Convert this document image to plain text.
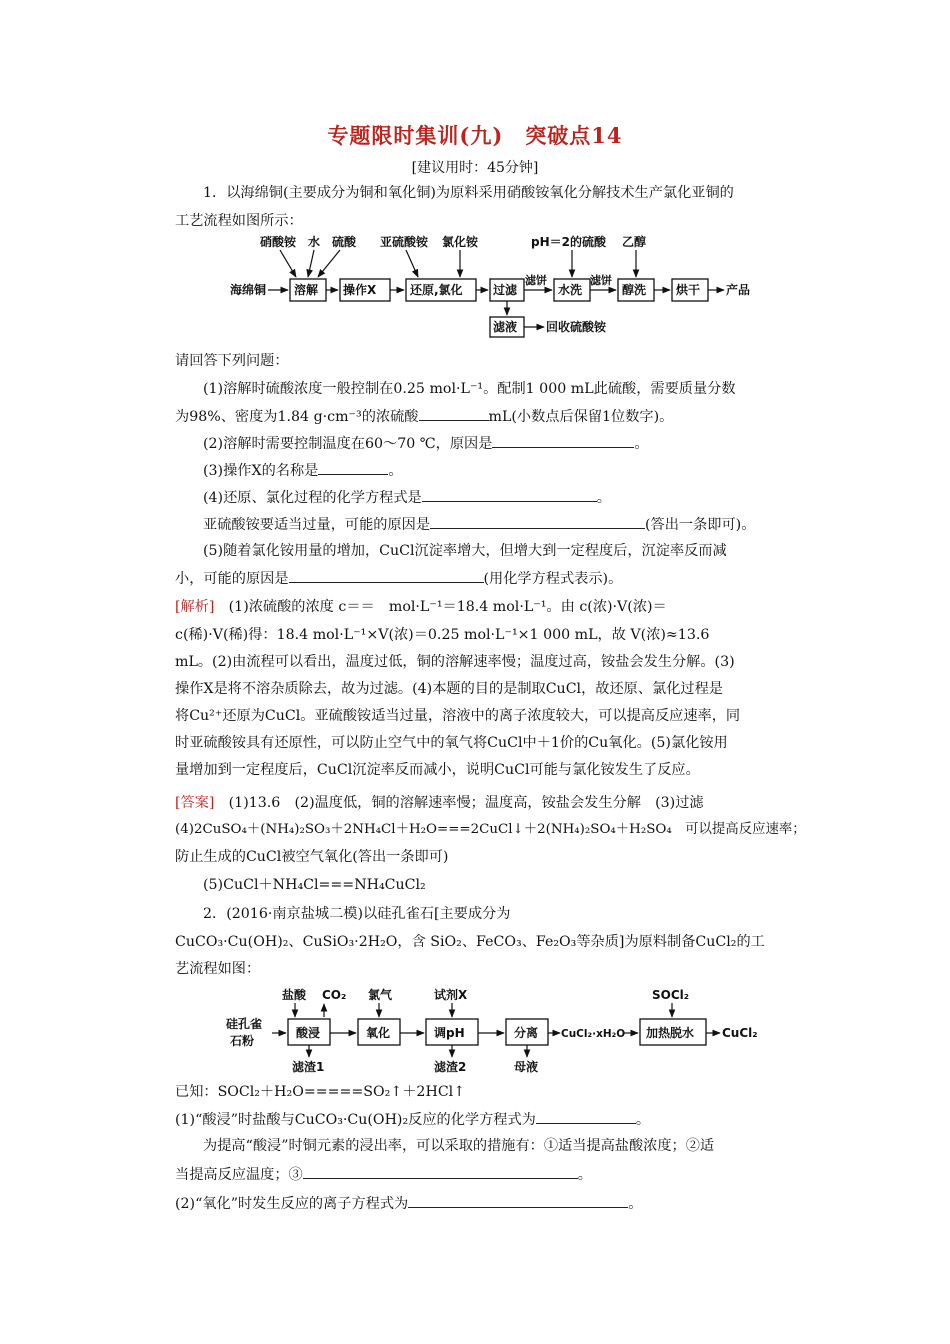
专题限时集训(九)　突破点14
[建议用时：45分钟]
1．以海绵铜(主要成分为铜和氧化铜)为原料采用硝酸铵氧化分解技术生产氯化亚铜的
工艺流程如图所示：
海绵铜 溶解 操作X	还原,氯化	过滤
滤饼
水洗
滤饼
醇洗 烘干 产品
硝酸铵 水 硫酸 亚硫酸铵 氯化铵	pH＝2的硫酸 乙醇
滤液 回收硫酸铵
请回答下列问题：
(1)溶解时硫酸浓度一般控制在0.25 mol·L⁻¹。配制1 000 mL此硫酸，需要质量分数
为98%、密度为1.84 g·cm⁻³的浓硫酸	mL(小数点后保留1位数字)。
(2)溶解时需要控制温度在60～70 ℃，原因是	。
(3)操作X的名称是	。
(4)还原、氯化过程的化学方程式是	。
亚硫酸铵要适当过量，可能的原因是	(答出一条即可)。
(5)随着氯化铵用量的增加，CuCl沉淀率增大，但增大到一定程度后，沉淀率反而减
小，可能的原因是	(用化学方程式表示)。
[解析]　(1)浓硫酸的浓度 c＝＝　mol·L⁻¹＝18.4 mol·L⁻¹。由 c(浓)·V(浓)＝
c(稀)·V(稀)得：18.4 mol·L⁻¹×V(浓)＝0.25 mol·L⁻¹×1 000 mL，故 V(浓)≈13.6
mL。(2)由流程可以看出，温度过低，铜的溶解速率慢；温度过高，铵盐会发生分解。(3)
操作X是将不溶杂质除去，故为过滤。(4)本题的目的是制取CuCl，故还原、氯化过程是
将Cu²⁺还原为CuCl。亚硫酸铵适当过量，溶液中的离子浓度较大，可以提高反应速率，同
时亚硫酸铵具有还原性，可以防止空气中的氧气将CuCl中＋1价的Cu氧化。(5)氯化铵用
量增加到一定程度后，CuCl沉淀率反而减小，说明CuCl可能与氯化铵发生了反应。
[答案]　(1)13.6　(2)温度低，铜的溶解速率慢；温度高，铵盐会发生分解　(3)过滤
(4)2CuSO₄＋(NH₄)₂SO₃＋2NH₄Cl＋H₂O===2CuCl↓＋2(NH₄)₂SO₄＋H₂SO₄　可以提高反应速率；
防止生成的CuCl被空气氧化(答出一条即可)
(5)CuCl＋NH₄Cl===NH₄CuCl₂
2．(2016·南京盐城二模)以硅孔雀石[主要成分为
CuCO₃·Cu(OH)₂、CuSiO₃·2H₂O，含 SiO₂、FeCO₃、Fe₂O₃等杂质]为原料制备CuCl₂的工
艺流程如图：
硅孔雀
石粉
酸浸	氧化	调pH	分离 CuCl₂·xH₂O 加热脱水 CuCl₂
盐酸 CO₂ 氯气	试剂X	SOCl₂
滤渣1	滤渣2	母液
已知：SOCl₂＋H₂O=====SO₂↑＋2HCl↑
(1)“酸浸”时盐酸与CuCO₃·Cu(OH)₂反应的化学方程式为	。
为提高“酸浸”时铜元素的浸出率，可以采取的措施有：①适当提高盐酸浓度；②适
当提高反应温度；③	。
(2)“氧化”时发生反应的离子方程式为	。
